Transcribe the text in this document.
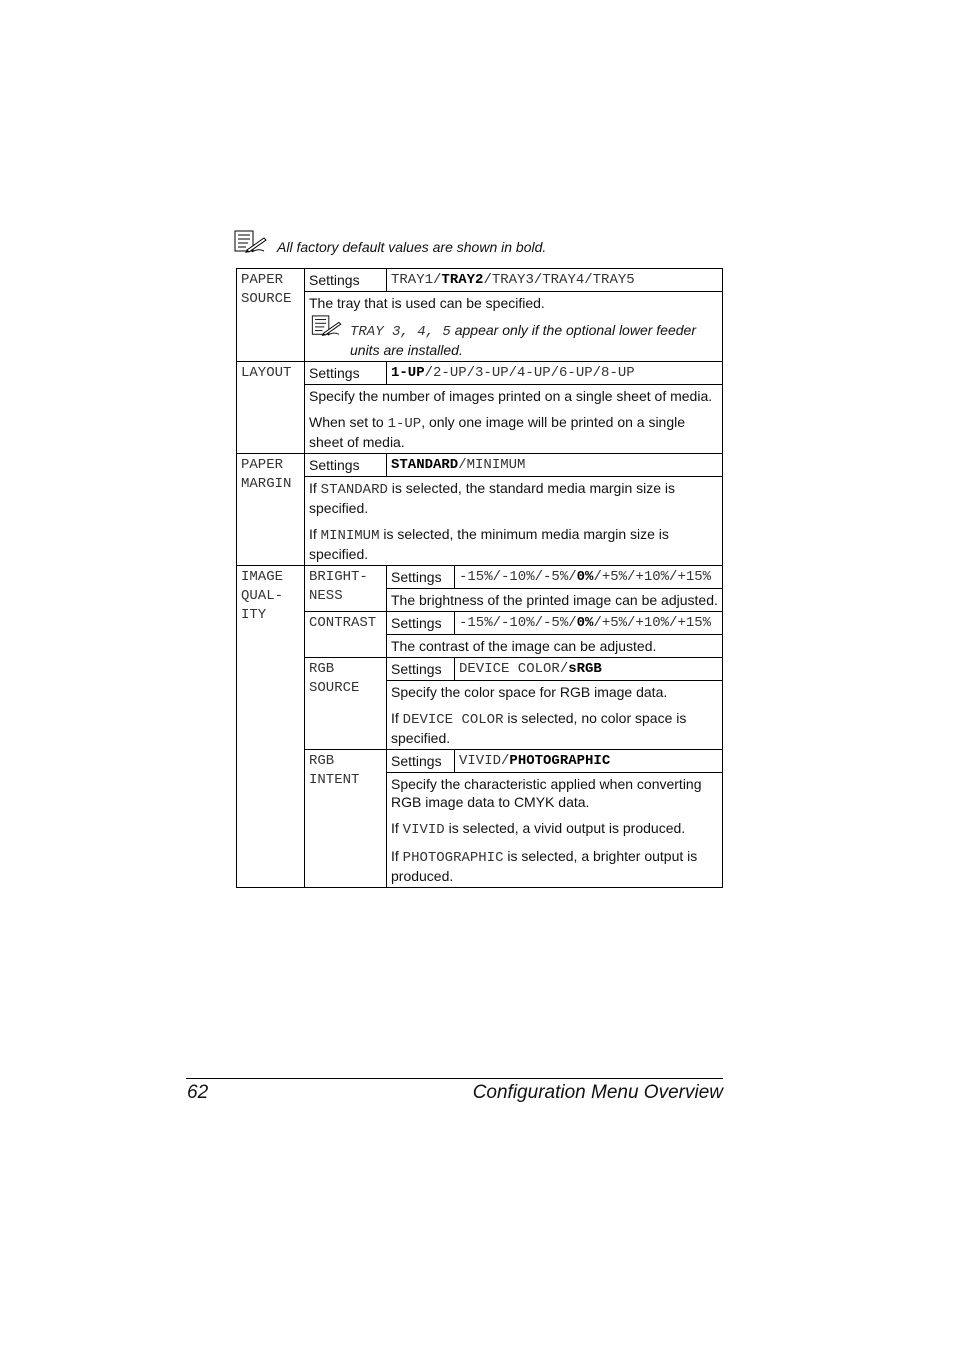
All factory default values are shown in bold.
PAPER SOURCE	Settings	TRAY1/TRAY2/TRAY3/TRAY4/TRAY5	

	The tray that is used can be specified.

TRAY 3, 4, 5 appear only if the optional lower feeder units are installed.		

LAYOUT	Settings	1-UP/2-UP/3-UP/4-UP/6-UP/8-UP	

	Specify the number of images printed on a single sheet of media.

When set to 1-UP, only one image will be printed on a single sheet of media.		

PAPER MARGIN	Settings	STANDARD/MINIMUM	

	If STANDARD is selected, the standard media margin size is specified.

If MINIMUM is selected, the minimum media margin size is specified.		

IMAGE QUAL-ITY	BRIGHT-NESS	Settings	-15%/-10%/-5%/0%/+5%/+10%/+15%
		The brightness of the printed image can be adjusted.	
	CONTRAST	Settings	-15%/-10%/-5%/0%/+5%/+10%/+15%
		The contrast of the image can be adjusted.	
	RGB SOURCE	Settings	DEVICE COLOR/sRGB

		Specify the color space for RGB image data.

If DEVICE COLOR is selected, no color space is specified.	

	RGB INTENT	Settings	VIVID/PHOTOGRAPHIC

		Specify the characteristic applied when converting RGB image data to CMYK data.

If VIVID is selected, a vivid output is produced.

If PHOTOGRAPHIC is selected, a brighter output is produced.	

62	Configuration Menu Overview
